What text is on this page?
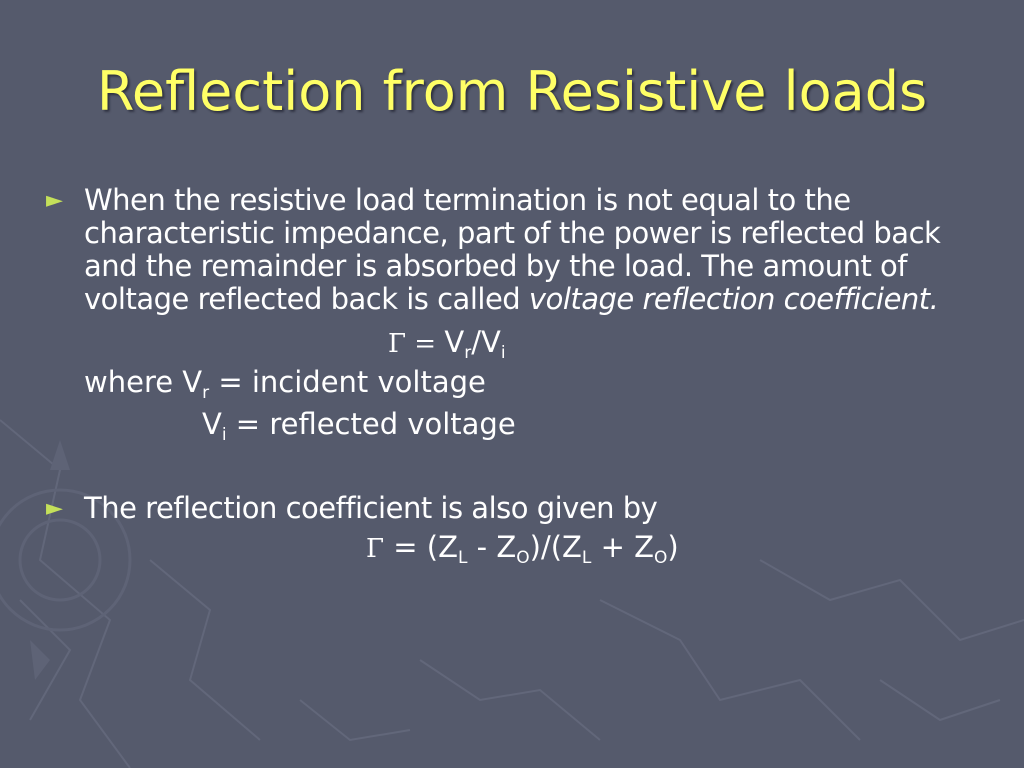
Reflection from Resistive loads
► When the resistive load termination is not equal to the characteristic impedance, part of the power is reflected back and the remainder is absorbed by the load. The amount of voltage reflected back is called voltage reflection coefficient.
$\Gamma = V_r/V_i$
where $V_r$ = incident voltage
$V_i$ = reflected voltage
► The reflection coefficient is also given by
$\Gamma = (Z_L - Z_O)/(Z_L + Z_O)$
